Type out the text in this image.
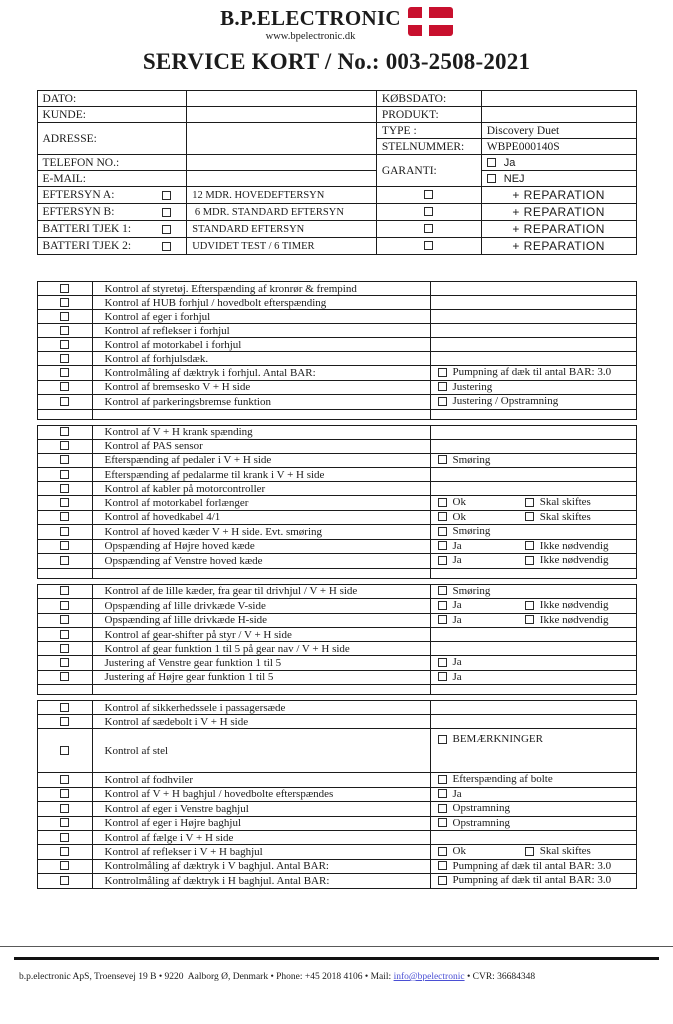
B.P.ELECTRONIC
www.bpelectronic.dk
SERVICE KORT / No.: 003-2508-2021
DATO:		KØBSDATO:	
KUNDE:		PRODUKT:	
ADRESSE:		TYPE :	Discovery Duet
		STELNUMMER:	WBPE000140S
TELEFON NO.:		GARANTI:	Ja

E-MAIL:			NEJ

EFTERSYN A:	12 MDR. HOVEDEFTERSYN		+ REPARATION

EFTERSYN B:	6 MDR. STANDARD EFTERSYN		+ REPARATION

BATTERI TJEK 1:	STANDARD EFTERSYN		+ REPARATION

BATTERI TJEK 2:	UDVIDET TEST / 6 TIMER		+ REPARATION
	Kontrol af styretøj. Efterspænding af kronrør & frempind	
	Kontrol af HUB forhjul / hovedbolt efterspænding	
	Kontrol af eger i forhjul	
	Kontrol af reflekser i forhjul	
	Kontrol af motorkabel i forhjul	
	Kontrol af forhjulsdæk.	
	Kontrolmåling af dæktryk i forhjul. Antal BAR:	Pumpning af dæk til antal BAR: 3.0

	Kontrol af bremsesko V + H side	Justering

	Kontrol af parkeringsbremse funktion	Justering / Opstramning

	Kontrol af V + H krank spænding	
	Kontrol af PAS sensor	
	Efterspænding af pedaler i V + H side	Smøring

	Efterspænding af pedalarme til krank i V + H side	
	Kontrol af kabler på motorcontroller	
	Kontrol af motorkabel forlænger	Ok Skal skiftes

	Kontrol af hovedkabel 4/1	Ok Skal skiftes

	Kontrol af hoved kæder V + H side. Evt. smøring	Smøring

	Opspænding af Højre hoved kæde	Ja Ikke nødvendig

	Opspænding af Venstre hoved kæde	Ja Ikke nødvendig

	Kontrol af de lille kæder, fra gear til drivhjul / V + H side	Smøring

	Opspænding af lille drivkæde V-side	Ja Ikke nødvendig

	Opspænding af lille drivkæde H-side	Ja Ikke nødvendig

	Kontrol af gear-shifter på styr / V + H side	
	Kontrol af gear funktion 1 til 5 på gear nav / V + H side	
	Justering af Venstre gear funktion 1 til 5	Ja

	Justering af Højre gear funktion 1 til 5	Ja

	Kontrol af sikkerhedssele i passagersæde	
	Kontrol af sædebolt i V + H side	
	Kontrol af stel	BEMÆRKNINGER

	Kontrol af fodhviler	Efterspænding af bolte

	Kontrol af V + H baghjul / hovedbolte efterspændes	Ja

	Kontrol af eger i Venstre baghjul	Opstramning

	Kontrol af eger i Højre baghjul	Opstramning

	Kontrol af fælge i V + H side	
	Kontrol af reflekser i V + H baghjul	Ok Skal skiftes

	Kontrolmåling af dæktryk i V baghjul. Antal BAR:	Pumpning af dæk til antal BAR: 3.0

	Kontrolmåling af dæktryk i H baghjul. Antal BAR:	Pumpning af dæk til antal BAR: 3.0
b.p.electronic ApS, Troensevej 19 B • 9220  Aalborg Ø, Denmark • Phone: +45 2018 4106 • Mail: info@bpelectronic • CVR: 36684348
